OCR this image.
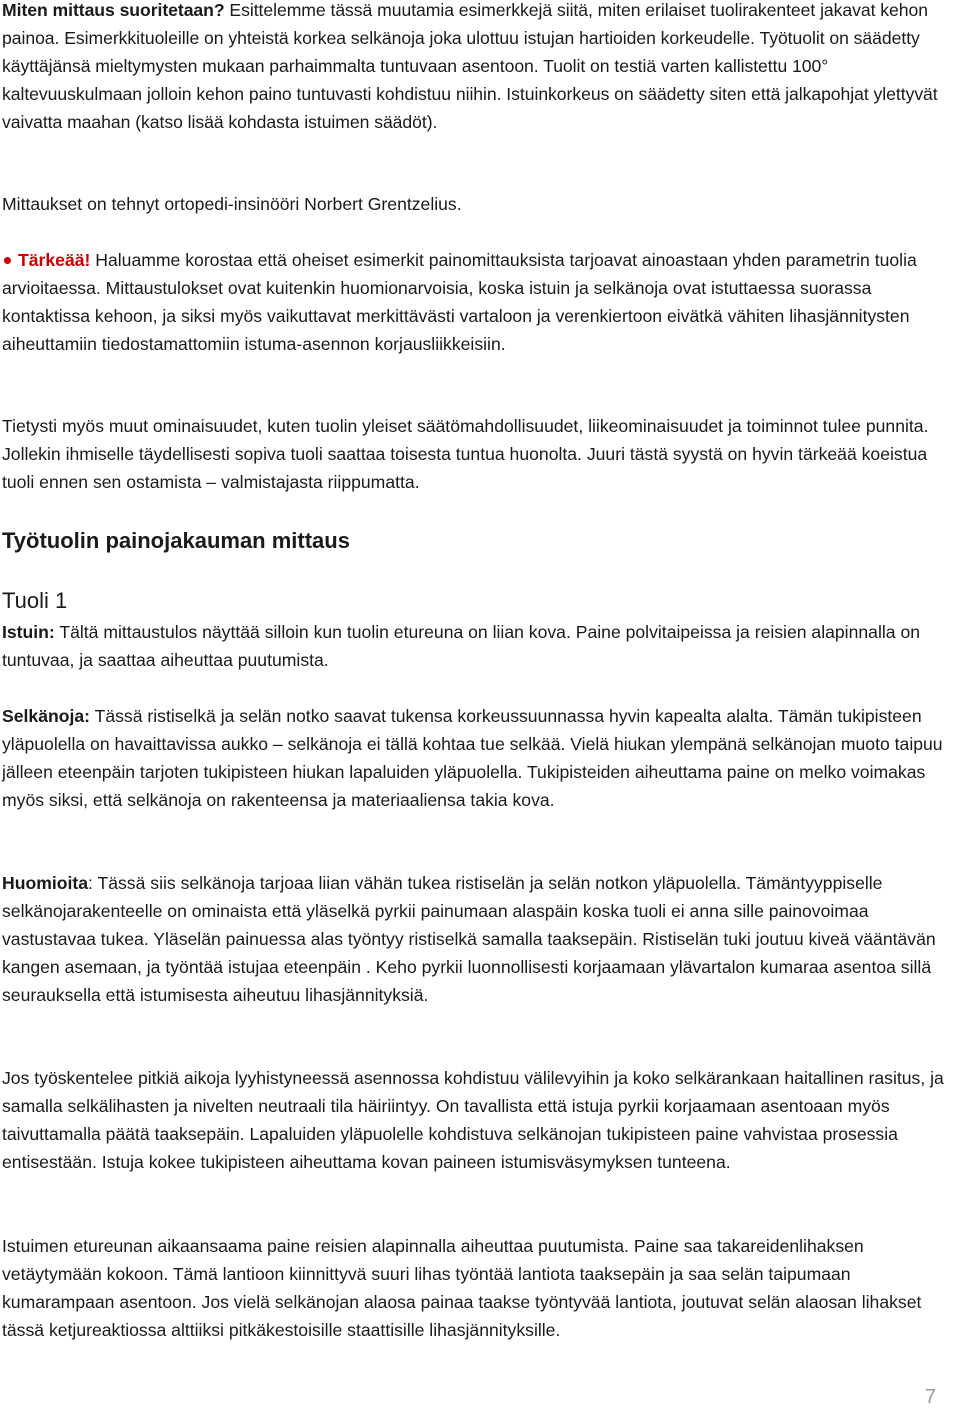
Miten mittaus suoritetaan? Esittelemme tässä muutamia esimerkkejä siitä, miten erilaiset tuolirakenteet jakavat kehon painoa. Esimerkkituoleille on yhteistä korkea selkänoja joka ulottuu istujan hartioiden korkeudelle. Työtuolit on säädetty käyttäjänsä mieltymysten mukaan parhaimmalta tuntuvaan asentoon. Tuolit on testiä varten kallistettu 100° kaltevuuskulmaan jolloin kehon paino tuntuvasti kohdistuu niihin. Istuinkorkeus on säädetty siten että jalkapohjat ylettyvät vaivatta maahan (katso lisää kohdasta istuimen säädöt).

Mittaukset on tehnyt ortopedi-insinööri Norbert Grentzelius.

Tärkeää! Haluamme korostaa että oheiset esimerkit painomittauksista tarjoavat ainoastaan yhden parametrin tuolia arvioitaessa. Mittaustulokset ovat kuitenkin huomionarvoisia, koska istuin ja selkänoja ovat istuttaessa suorassa kontaktissa kehoon, ja siksi myös vaikuttavat merkittävästi vartaloon ja verenkiertoon eivätkä vähiten lihasjännitysten aiheuttamiin tiedostamattomiin istuma-asennon korjausliikkeisiin.

Tietysti myös muut ominaisuudet, kuten tuolin yleiset säätömahdollisuudet, liikeominaisuudet ja toiminnot tulee punnita. Jollekin ihmiselle täydellisesti sopiva tuoli saattaa toisesta tuntua huonolta. Juuri tästä syystä on hyvin tärkeää koeistua tuoli ennen sen ostamista – valmistajasta riippumatta.

Työtuolin painojakauman mittaus
Tuoli 1

Istuin: Tältä mittaustulos näyttää silloin kun tuolin etureuna on liian kova. Paine polvitaipeissa ja reisien alapinnalla on tuntuvaa, ja saattaa aiheuttaa puutumista.

Selkänoja: Tässä ristiselkä ja selän notko saavat tukensa korkeussuunnassa hyvin kapealta alalta. Tämän tukipisteen yläpuolella on havaittavissa aukko – selkänoja ei tällä kohtaa tue selkää. Vielä hiukan ylempänä selkänojan muoto taipuu jälleen eteenpäin tarjoten tukipisteen hiukan lapaluiden yläpuolella. Tukipisteiden aiheuttama paine on melko voimakas myös siksi, että selkänoja on rakenteensa ja materiaaliensa takia kova.

Huomioita: Tässä siis selkänoja tarjoaa liian vähän tukea ristiselän ja selän notkon yläpuolella. Tämäntyyppiselle selkänojarakenteelle on ominaista että yläselkä pyrkii painumaan alaspäin koska tuoli ei anna sille painovoimaa vastustavaa tukea. Yläselän painuessa alas työntyy ristiselkä samalla taaksepäin. Ristiselän tuki joutuu kiveä vääntävän kangen asemaan, ja työntää istujaa eteenpäin . Keho pyrkii luonnollisesti korjaamaan ylävartalon kumaraa asentoa sillä seurauksella että istumisesta aiheutuu lihasjännityksiä.

Jos työskentelee pitkiä aikoja lyyhistyneessä asennossa kohdistuu välilevyihin ja koko selkärankaan haitallinen rasitus, ja samalla selkälihasten ja nivelten neutraali tila häiriintyy. On tavallista että istuja pyrkii korjaamaan asentoaan myös taivuttamalla päätä taaksepäin. Lapaluiden yläpuolelle kohdistuva selkänojan tukipisteen paine vahvistaa prosessia entisestään. Istuja kokee tukipisteen aiheuttama kovan paineen istumisväsymyksen tunteena.

Istuimen etureunan aikaansaama paine reisien alapinnalla aiheuttaa puutumista. Paine saa takareidenlihaksen vetäytymään kokoon. Tämä lantioon kiinnittyvä suuri lihas työntää lantiota taaksepäin ja saa selän taipumaan kumarampaan asentoon. Jos vielä selkänojan alaosa painaa taakse työntyvää lantiota, joutuvat selän alaosan lihakset tässä ketjureaktiossa alttiiksi pitkäkestoisille staattisille lihasjännityksille.

7
